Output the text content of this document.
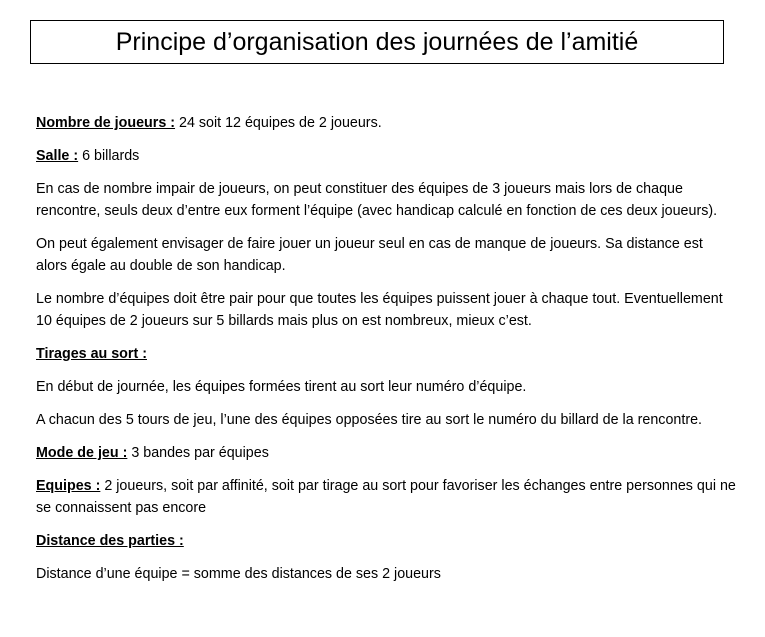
Principe d’organisation des journées de l’amitié

Nombre de joueurs : 24 soit 12 équipes de 2 joueurs.

Salle : 6 billards

En cas de nombre impair de joueurs, on peut constituer des équipes de 3 joueurs mais lors de chaque rencontre, seuls deux d’entre eux forment l’équipe (avec handicap calculé en fonction de ces deux joueurs).

On peut également envisager de faire jouer un joueur seul en cas de manque de joueurs. Sa distance est alors égale au double de son handicap.

Le nombre d’équipes doit être pair pour que toutes les équipes puissent jouer à chaque tout. Eventuellement 10 équipes de 2 joueurs sur 5 billards mais plus on est nombreux, mieux c’est.

Tirages au sort :

En début de journée, les équipes formées tirent au sort leur numéro d’équipe.

A chacun des 5 tours de jeu, l’une des équipes opposées tire au sort le numéro du billard de la rencontre.

Mode de jeu : 3 bandes par équipes

Equipes : 2 joueurs, soit par affinité, soit par tirage au sort pour favoriser les échanges entre personnes qui ne se connaissent pas encore

Distance des parties :

Distance d’une équipe = somme des distances de ses 2 joueurs
